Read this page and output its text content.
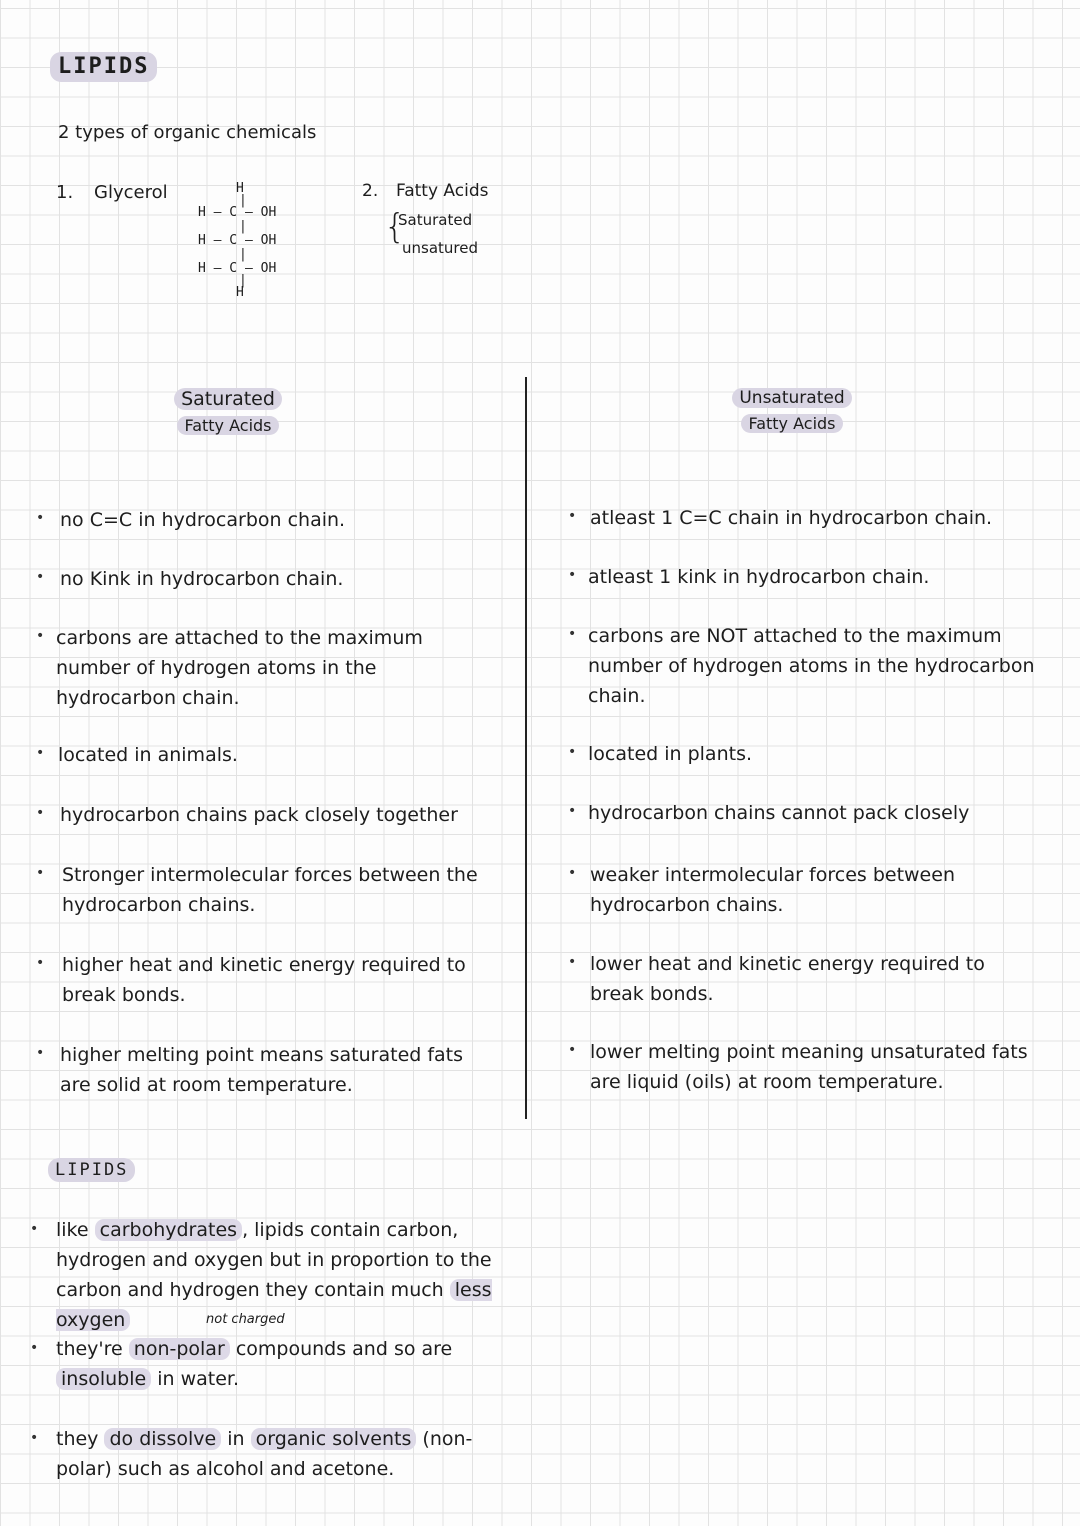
LIPIDS
2 types of organic chemicals
1. Glycerol	H
|
H — C — OH
|
H — C — OH
|
H — C — OH
|
H
2. Fatty Acids
{
Saturated
unsatured
Saturated
Fatty Acids
Unsaturated
Fatty Acids
• no C=C in hydrocarbon chain.
• no Kink in hydrocarbon chain.
• carbons are attached to the maximum number of hydrogen atoms in the hydrocarbon chain.
• located in animals.
• hydrocarbon chains pack closely together
• Stronger intermolecular forces between the hydrocarbon chains.
• higher heat and kinetic energy required to break bonds.
• higher melting point means saturated fats are solid at room temperature.
• atleast 1 C=C chain in hydrocarbon chain.
• atleast 1 kink in hydrocarbon chain.
• carbons are NOT attached to the maximum number of hydrogen atoms in the hydrocarbon chain.
• located in plants.
• hydrocarbon chains cannot pack closely
• weaker intermolecular forces between hydrocarbon chains.
• lower heat and kinetic energy required to break bonds.
• lower melting point meaning unsaturated fats are liquid (oils) at room temperature.
LIPIDS
• like carbohydrates , lipids contain carbon, hydrogen and oxygen but in proportion to the carbon and hydrogen they contain much less oxygen	not charged
• they're non-polar compounds and so are insoluble in water.
• they do dissolve in organic solvents (non-polar) such as alcohol and acetone.
